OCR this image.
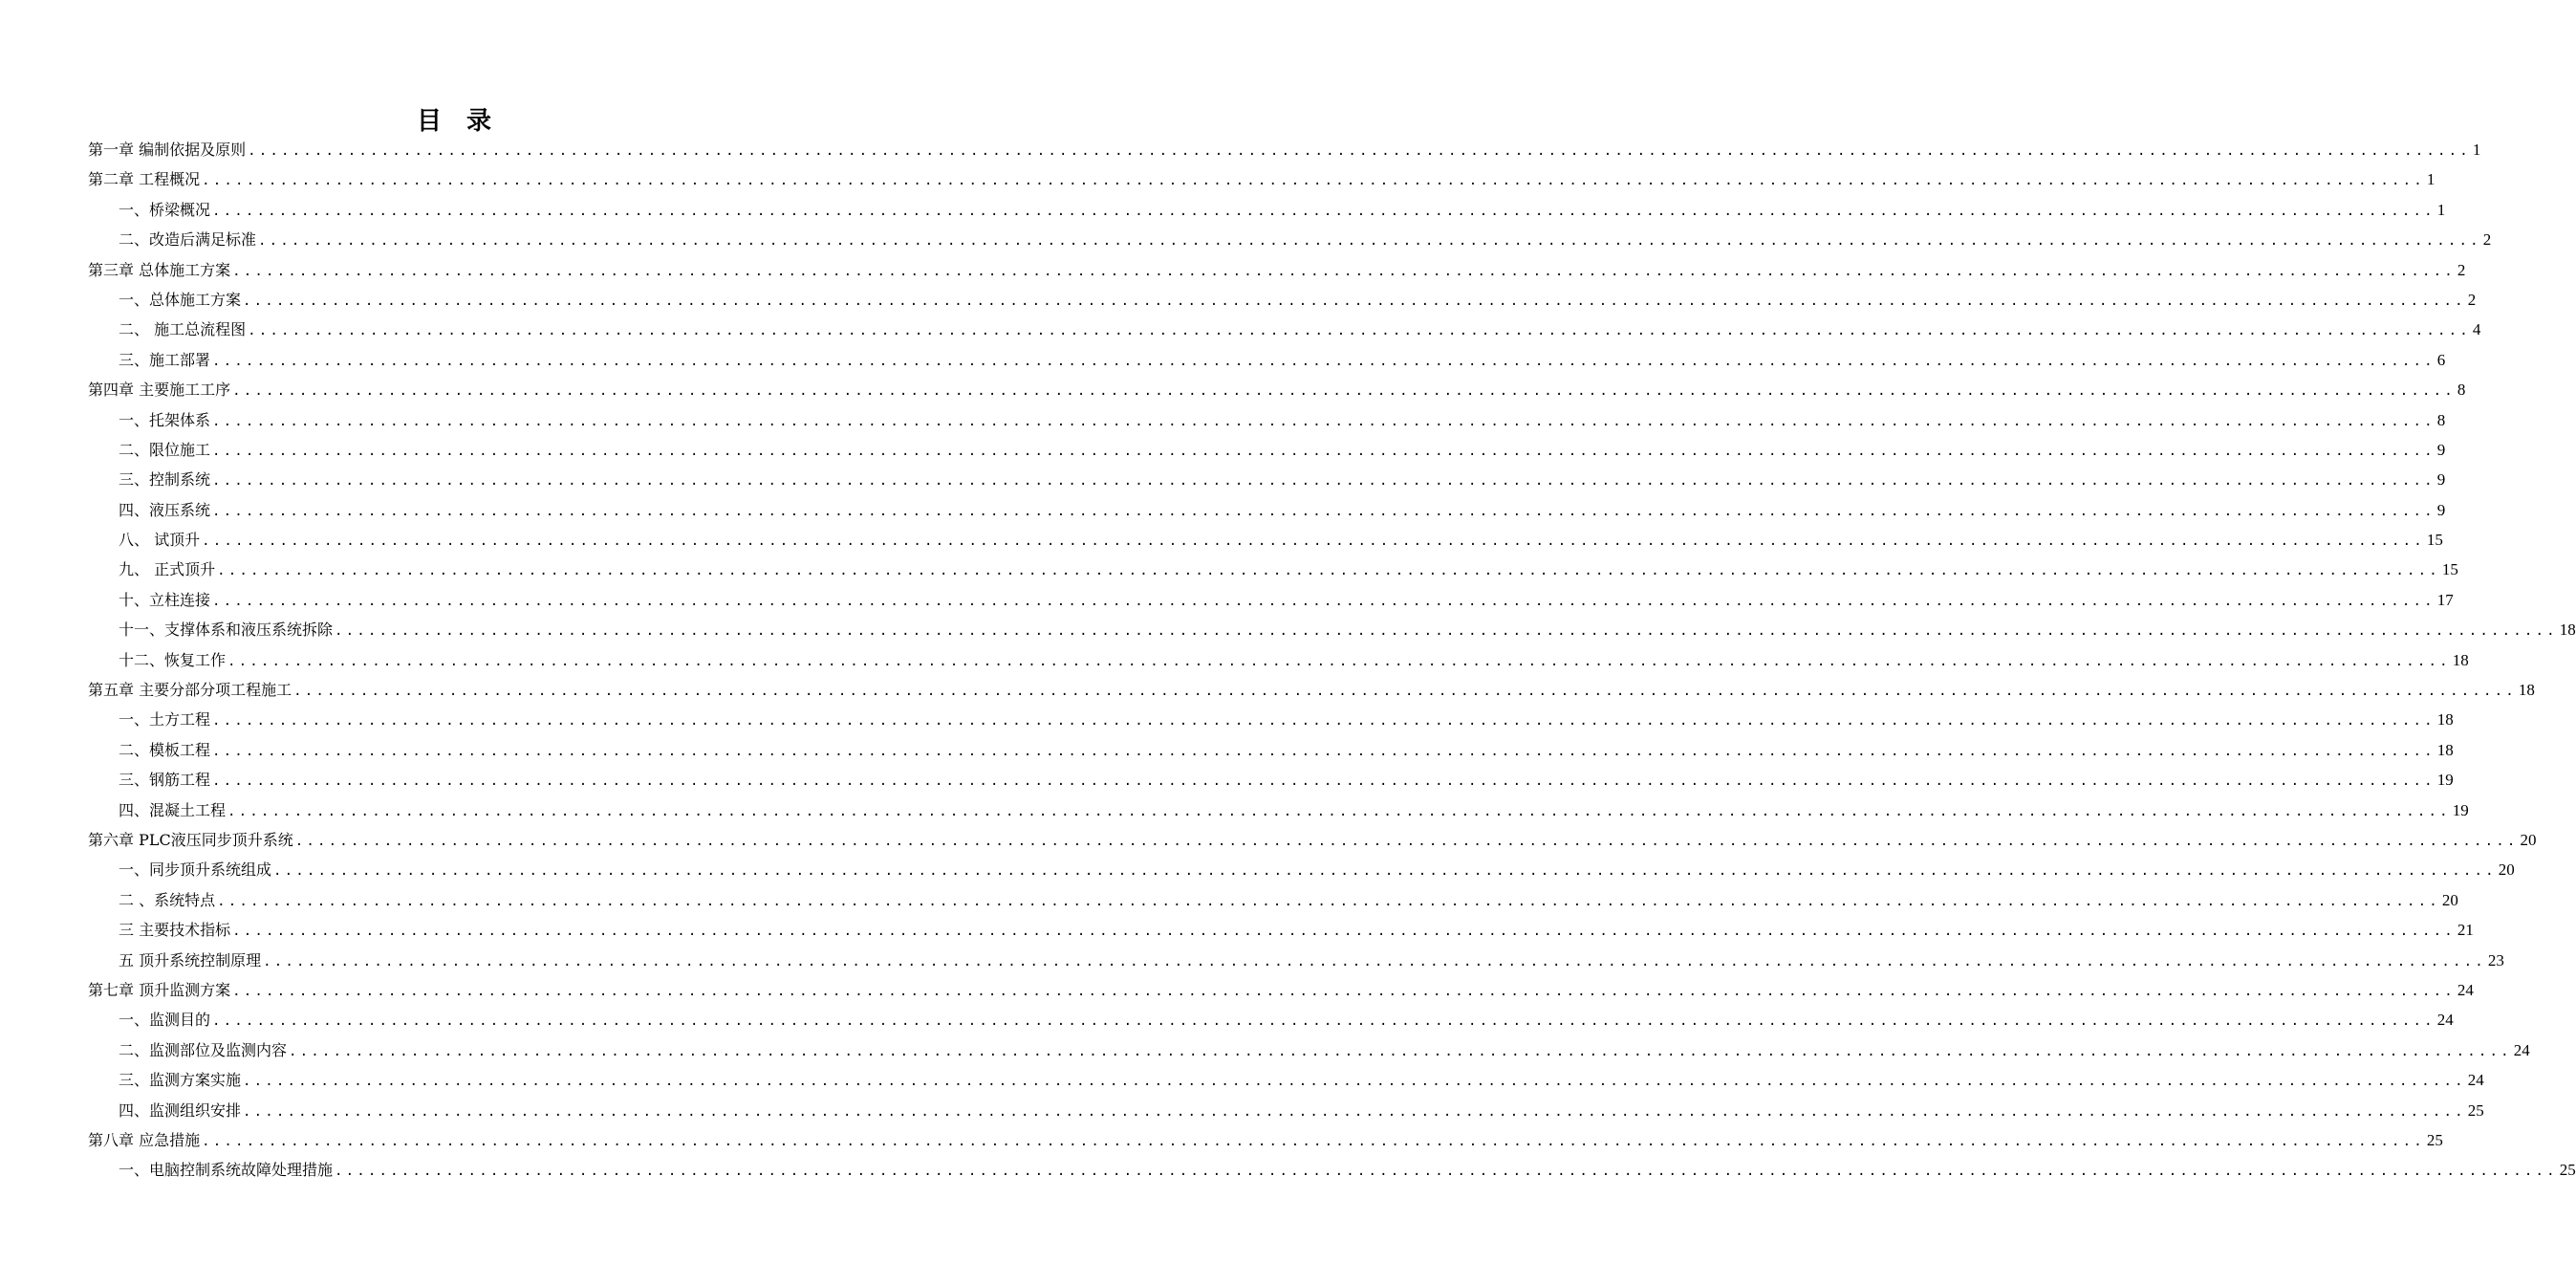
目 录
第一章 编制依据及原则 ........................................................................................................................................................................................................ 1
第二章 工程概况 ........................................................................................................................................................................................................ 1
一、桥梁概况 ........................................................................................................................................................................................................ 1
二、改造后满足标准 ........................................................................................................................................................................................................ 2
第三章 总体施工方案 ........................................................................................................................................................................................................ 2
一、总体施工方案 ........................................................................................................................................................................................................ 2
二、 施工总流程图 ........................................................................................................................................................................................................ 4
三、施工部署 ........................................................................................................................................................................................................ 6
第四章 主要施工工序 ........................................................................................................................................................................................................ 8
一、托架体系 ........................................................................................................................................................................................................ 8
二、限位施工 ........................................................................................................................................................................................................ 9
三、控制系统 ........................................................................................................................................................................................................ 9
四、液压系统 ........................................................................................................................................................................................................ 9
八、 试顶升 ........................................................................................................................................................................................................ 15
九、 正式顶升 ........................................................................................................................................................................................................ 15
十、立柱连接 ........................................................................................................................................................................................................ 17
十一、支撑体系和液压系统拆除 ........................................................................................................................................................................................................ 18
十二、恢复工作 ........................................................................................................................................................................................................ 18
第五章 主要分部分项工程施工 ........................................................................................................................................................................................................ 18
一、土方工程 ........................................................................................................................................................................................................ 18
二、模板工程 ........................................................................................................................................................................................................ 18
三、钢筋工程 ........................................................................................................................................................................................................ 19
四、混凝土工程 ........................................................................................................................................................................................................ 19
第六章 PLC液压同步顶升系统 ........................................................................................................................................................................................................ 20
一、同步顶升系统组成 ........................................................................................................................................................................................................ 20
二 、系统特点 ........................................................................................................................................................................................................ 20
三 主要技术指标 ........................................................................................................................................................................................................ 21
五 顶升系统控制原理 ........................................................................................................................................................................................................ 23
第七章 顶升监测方案 ........................................................................................................................................................................................................ 24
一、监测目的 ........................................................................................................................................................................................................ 24
二、监测部位及监测内容 ........................................................................................................................................................................................................ 24
三、监测方案实施 ........................................................................................................................................................................................................ 24
四、监测组织安排 ........................................................................................................................................................................................................ 25
第八章 应急措施 ........................................................................................................................................................................................................ 25
一、电脑控制系统故障处理措施 ........................................................................................................................................................................................................ 25
